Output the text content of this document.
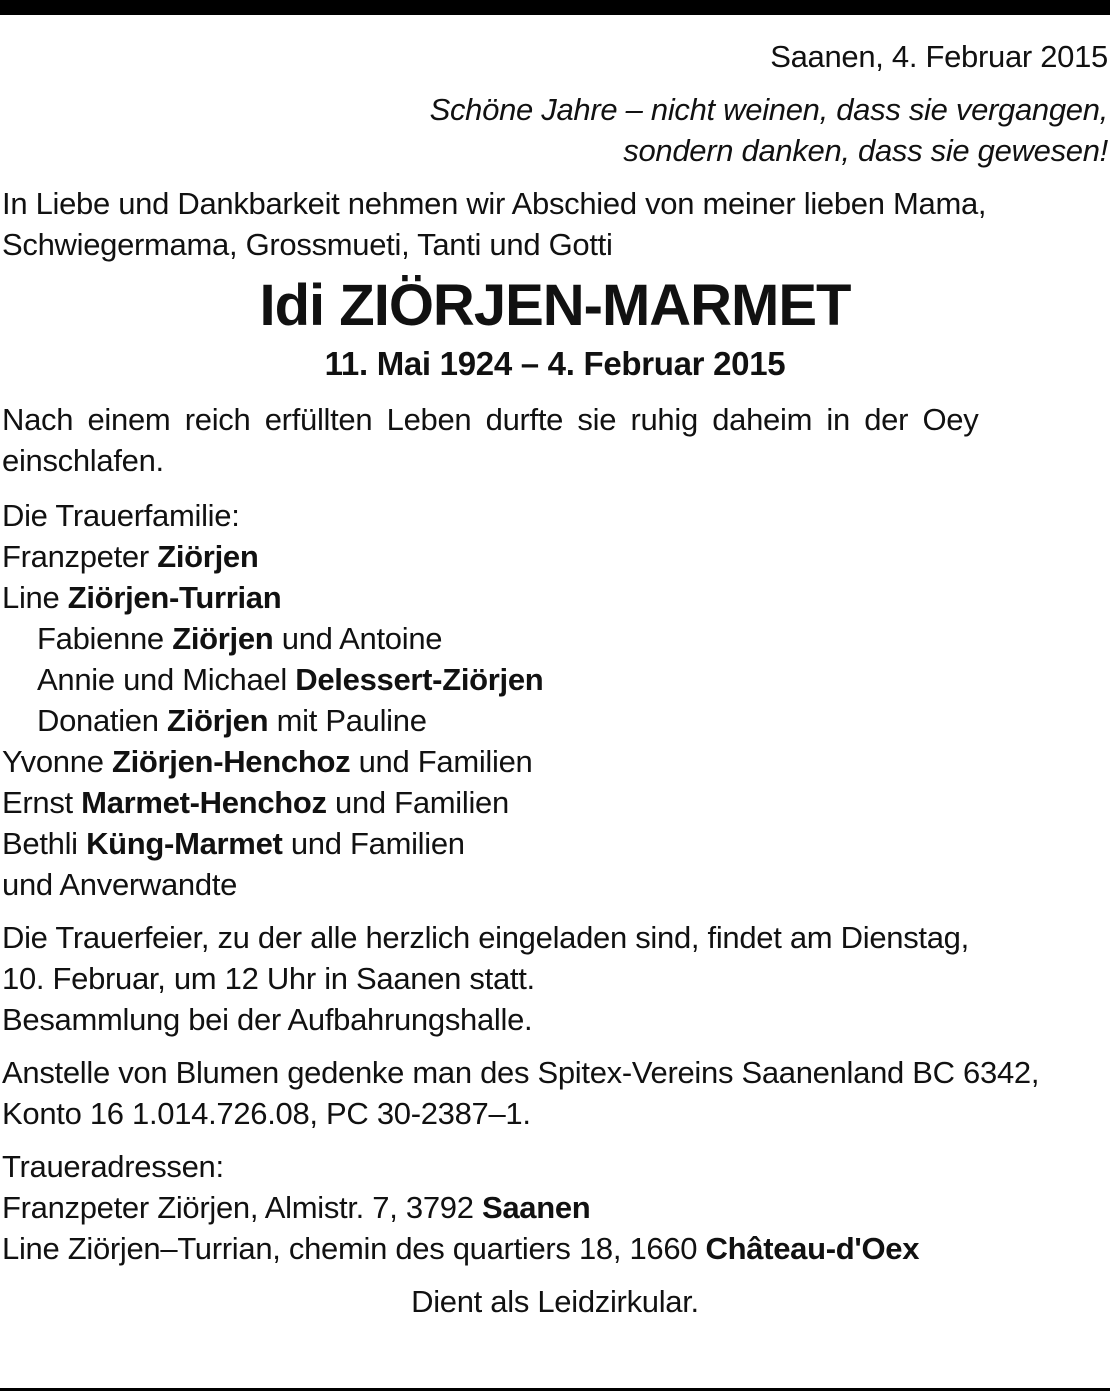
Saanen, 4. Februar 2015
Schöne Jahre – nicht weinen, dass sie vergangen,
sondern danken, dass sie gewesen!
In Liebe und Dankbarkeit nehmen wir Abschied von meiner lieben Mama,
Schwiegermama, Grossmueti, Tanti und Gotti
Idi ZIÖRJEN-MARMET
11. Mai 1924 – 4. Februar 2015
Nach einem reich erfüllten Leben durfte sie ruhig daheim in der Oey
einschlafen.
Die Trauerfamilie:
Franzpeter Ziörjen
Line Ziörjen-Turrian
Fabienne Ziörjen und Antoine
Annie und Michael Delessert-Ziörjen
Donatien Ziörjen mit Pauline
Yvonne Ziörjen-Henchoz und Familien
Ernst Marmet-Henchoz und Familien
Bethli Küng-Marmet und Familien
und Anverwandte
Die Trauerfeier, zu der alle herzlich eingeladen sind, findet am Dienstag,
10. Februar, um 12 Uhr in Saanen statt.
Besammlung bei der Aufbahrungshalle.
Anstelle von Blumen gedenke man des Spitex-Vereins Saanenland BC 6342,
Konto 16 1.014.726.08, PC 30-2387–1.
Traueradressen:
Franzpeter Ziörjen, Almistr. 7, 3792 Saanen
Line Ziörjen–Turrian, chemin des quartiers 18, 1660 Château-d'Oex
Dient als Leidzirkular.
